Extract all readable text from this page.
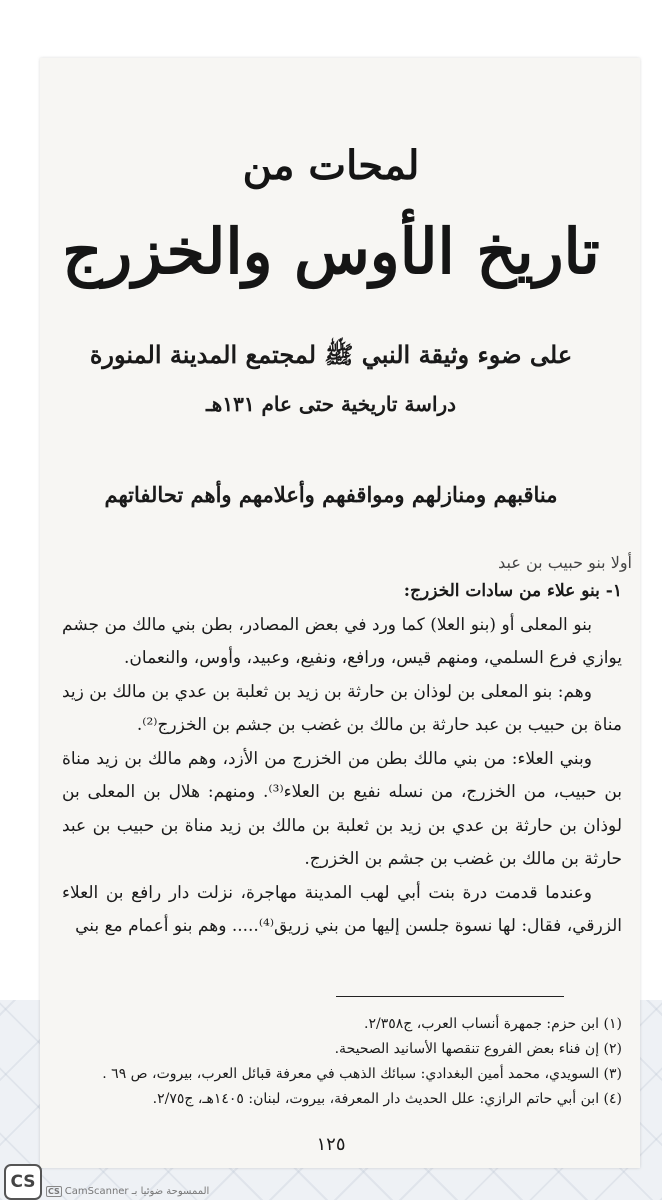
لمحات من
تاريخ الأوس والخزرج
على ضوء وثيقة النبي ﷺ لمجتمع المدينة المنورة
دراسة تاريخية حتى عام ١٣١هـ
مناقبهم ومنازلهم ومواقفهم وأعلامهم وأهم تحالفاتهم

١- بنو علاء من سادات الخزرج:

بنو المعلى أو (بنو العلا) كما ورد في بعض المصادر، بطن بني مالك من جشم يوازي فرع السلمي، ومنهم قيس، ورافع، ونفيع، وعبيد، وأوس، والنعمان.

وهم: بنو المعلى بن لوذان بن حارثة بن زيد بن ثعلبة بن عدي بن مالك بن زيد مناة بن حبيب بن عبد حارثة بن مالك بن غضب بن جشم بن الخزرج⁽²⁾.

وبني العلاء: من بني مالك بطن من الخزرج من الأزد، وهم مالك بن زيد مناة بن حبيب، من الخزرج، من نسله نفيع بن العلاء⁽³⁾. ومنهم: هلال بن المعلى بن لوذان بن حارثة بن عدي بن زيد بن ثعلبة بن مالك بن زيد مناة بن حبيب بن عبد حارثة بن مالك بن غضب بن جشم بن الخزرج.

وعندما قدمت درة بنت أبي لهب المدينة مهاجرة، نزلت دار رافع بن العلاء الزرقي، فقال: لها نسوة جلسن إليها من بني زريق⁽⁴⁾..... وهم بنو أعمام مع بني

(١) ابن حزم: جمهرة أنساب العرب، ج٢/٣٥٨.
(٢) إن فناء بعض الفروع تنقصها الأسانيد الصحيحة.
(٣) السويدي، محمد أمين البغدادي: سبائك الذهب في معرفة قبائل العرب، بيروت، ص ٦٩ .
(٤) ابن أبي حاتم الرازي: علل الحديث دار المعرفة، بيروت، لبنان: ١٤٠٥هـ، ج٢/٧٥.
١٢٥
CS	CS CamScanner الممسوحة ضوئيا بـ
